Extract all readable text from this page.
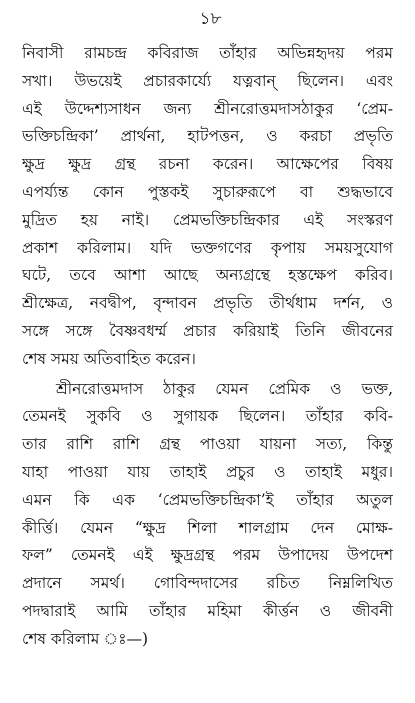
১৮

নিবাসী রামচন্দ্র কবিরাজ তাঁহার অভিন্নহৃদয় পরম
সখা। উভয়েই প্রচারকার্য্যে যত্নবান্ ছিলেন। এবং
এই উদ্দেশ্যসাধন জন্য শ্রীনরোত্তমদাসঠাকুর ‘প্রেম-
ভক্তিচন্দ্রিকা’ প্রার্থনা, হাটপত্তন, ও করচা প্রভৃতি
ক্ষুদ্র ক্ষুদ্র গ্রন্থ রচনা করেন। আক্ষেপের বিষয়
এপর্য্যন্ত কোন পুস্তকই সুচারুরূপে বা শুদ্ধভাবে
মুদ্রিত হয় নাই। প্রেমভক্তিচন্দ্রিকার এই সংস্করণ
প্রকাশ করিলাম। যদি ভক্তগণের কৃপায় সময়সুযোগ
ঘটে, তবে আশা আছে অন্যগ্রন্থে হস্তক্ষেপ করিব।
শ্রীক্ষেত্র, নবদ্বীপ, বৃন্দাবন প্রভৃতি তীর্থধাম দর্শন, ও
সঙ্গে সঙ্গে বৈষ্ণবধর্ম্ম প্রচার করিয়াই তিনি জীবনের
শেষ সময় অতিবাহিত করেন।

শ্রীনরোত্তমদাস ঠাকুর যেমন প্রেমিক ও ভক্ত,
তেমনই সুকবি ও সুগায়ক ছিলেন। তাঁহার কবি-
তার রাশি রাশি গ্রন্থ পাওয়া যায়না সত্য, কিন্তু
যাহা পাওয়া যায় তাহাই প্রচুর ও তাহাই মধুর।
এমন কি এক ‘প্রেমভক্তিচন্দ্রিকা’ই তাঁহার অতুল
কীর্ত্তি। যেমন “ক্ষুদ্র শিলা শালগ্রাম দেন মোক্ষ-
ফল” তেমনই এই ক্ষুদ্রগ্রন্থ পরম উপাদেয় উপদেশ
প্রদানে সমর্থ। গোবিন্দদাসের রচিত নিম্নলিখিত
পদদ্বারাই আমি তাঁহার মহিমা কীর্ত্তন ও জীবনী
শেষ করিলাম ঃ—)
